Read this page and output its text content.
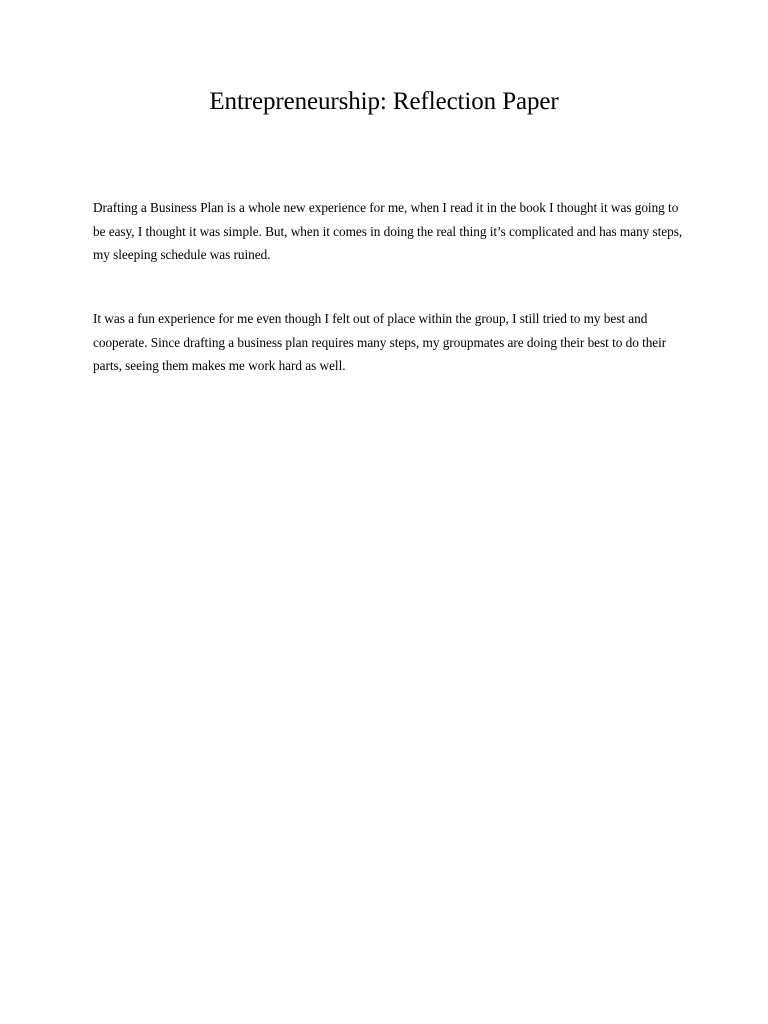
Entrepreneurship: Reflection Paper

Drafting a Business Plan is a whole new experience for me, when I read it in the book I thought it was going to be easy, I thought it was simple. But, when it comes in doing the real thing it’s complicated and has many steps, my sleeping schedule was ruined.

It was a fun experience for me even though I felt out of place within the group, I still tried to my best and cooperate. Since drafting a business plan requires many steps, my groupmates are doing their best to do their parts, seeing them makes me work hard as well.
